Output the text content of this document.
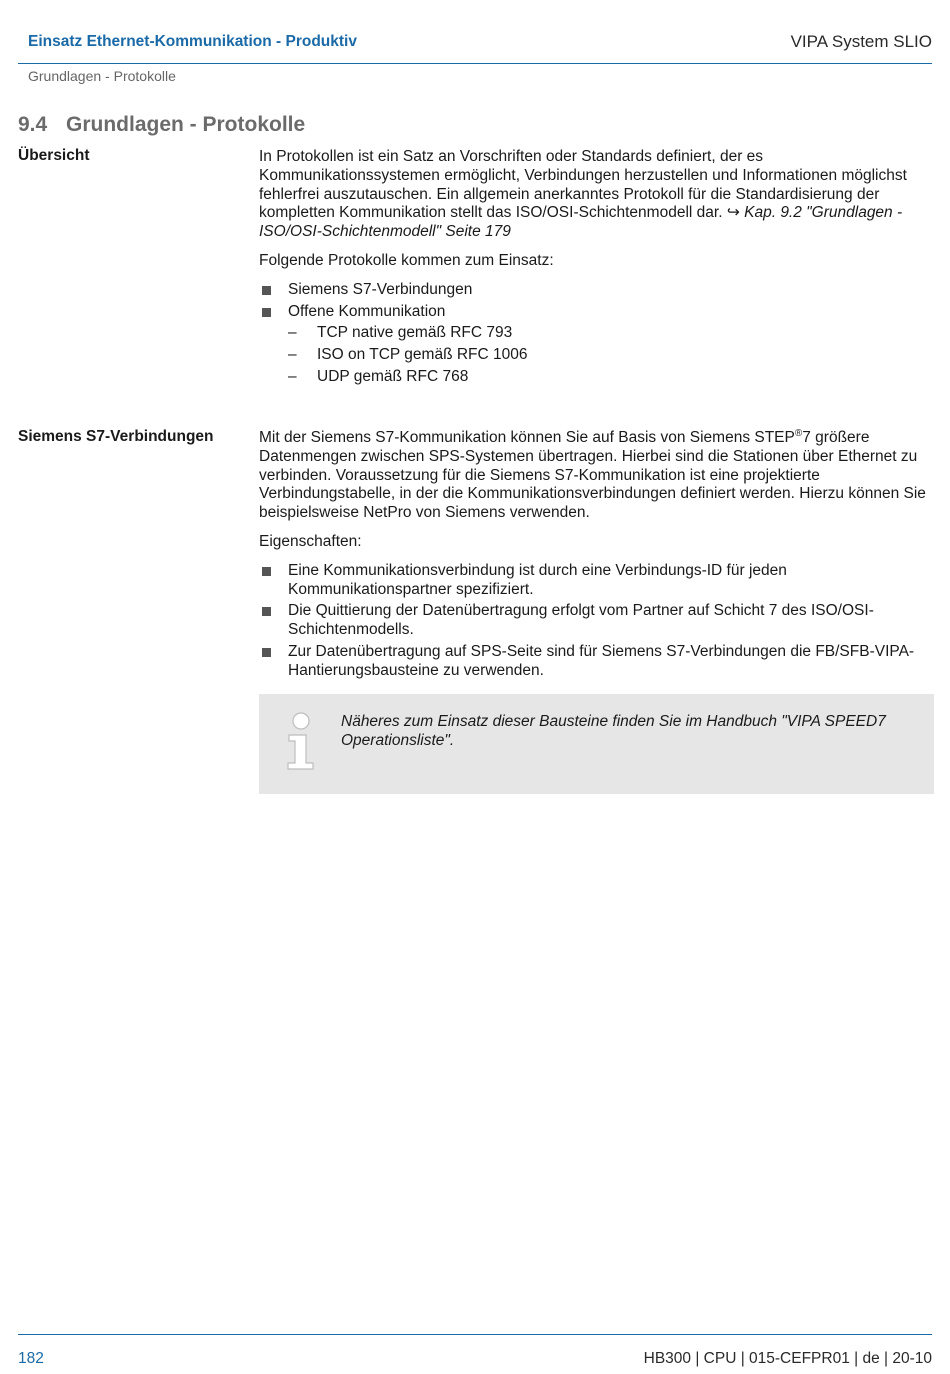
Einsatz Ethernet-Kommunikation - Produktiv	VIPA System SLIO
Grundlagen - Protokolle
9.4 Grundlagen - Protokolle
Übersicht	In Protokollen ist ein Satz an Vorschriften oder Standards definiert, der es Kommunikationssystemen ermöglicht, Verbindungen herzustellen und Informationen möglichst fehlerfrei auszutauschen. Ein allgemein anerkanntes Protokoll für die Standardisierung der kompletten Kommunikation stellt das ISO/OSI-Schichtenmodell dar. ↪ Kap. 9.2 "Grundlagen - ISO/OSI-Schichtenmodell" Seite 179

Folgende Protokolle kommen zum Einsatz:

Siemens S7-Verbindungen
Offene Kommunikation
– TCP native gemäß RFC 793
– ISO on TCP gemäß RFC 1006
– UDP gemäß RFC 768
Siemens S7-Verbindungen	Mit der Siemens S7-Kommunikation können Sie auf Basis von Siemens STEP®7 größere Datenmengen zwischen SPS-Systemen übertragen. Hierbei sind die Stationen über Ethernet zu verbinden. Voraussetzung für die Siemens S7-Kommunikation ist eine projektierte Verbindungstabelle, in der die Kommunikationsverbindungen definiert werden. Hierzu können Sie beispielsweise NetPro von Siemens verwenden.

Eigenschaften:

Eine Kommunikationsverbindung ist durch eine Verbindungs-ID für jeden Kommunikationspartner spezifiziert.
Die Quittierung der Datenübertragung erfolgt vom Partner auf Schicht 7 des ISO/OSI-Schichtenmodells.
Zur Datenübertragung auf SPS-Seite sind für Siemens S7-Verbindungen die FB/SFB-VIPA-Hantierungsbausteine zu verwenden.
Näheres zum Einsatz dieser Bausteine finden Sie im Handbuch "VIPA SPEED7 Operationsliste".
182	HB300 | CPU | 015-CEFPR01 | de | 20-10
